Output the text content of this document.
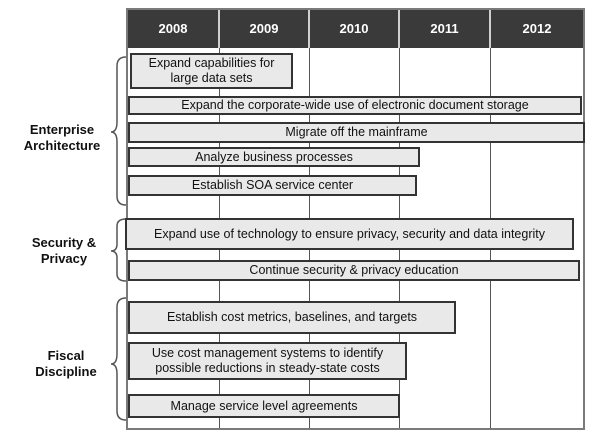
2008	2009	2010	2011	2012
Enterprise
Architecture
Security &
Privacy
Fiscal
Discipline
Expand capabilities for
large data sets
Expand the corporate-wide use of electronic document storage
Migrate off the mainframe
Analyze business processes
Establish SOA service center
Expand use of technology to ensure privacy, security and data integrity
Continue security & privacy education
Establish cost metrics, baselines, and targets
Use cost management systems to identify
possible reductions in steady-state costs
Manage service level agreements
